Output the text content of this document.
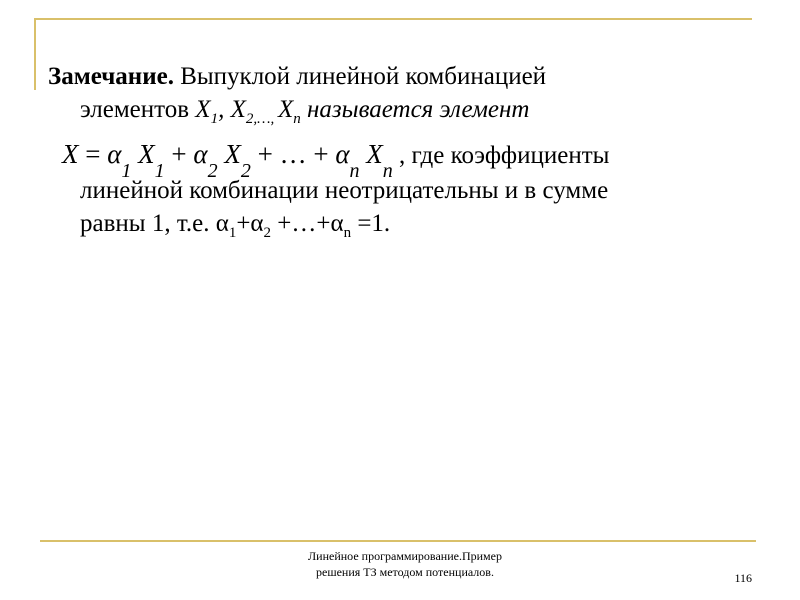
Замечание. Выпуклой линейной комбинацией
элементов $X_1$, $X_{2,\dots,}$ $X_n$ называется элемент
$X = \alpha_1$ $X_1 + \alpha_2$ $X_2$ + … + $\alpha_n$ $X_n$ , где коэффициенты
линейной комбинации неотрицательны и в сумме
равны 1, т.е. $\alpha_1+\alpha_2$ $+\dots+\alpha_n =1$.
Линейное программирование.Пример
решения ТЗ методом потенциалов.	116
